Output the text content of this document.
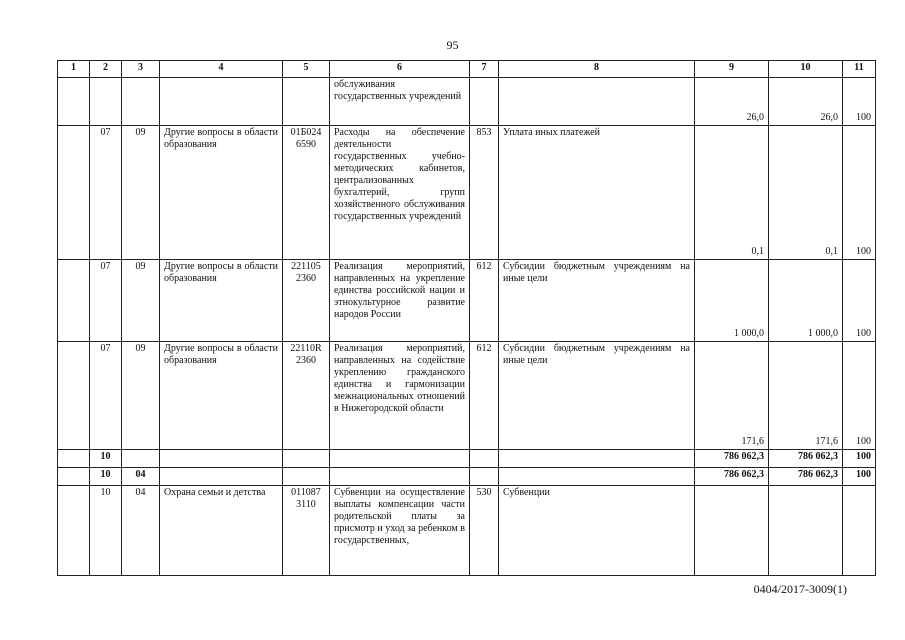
95
1	2	3	4	5	6	7	8	9	10	11
					обслуживания государственных учреждений			26,0	26,0	100
	07	09	Другие вопросы в области образования	01Б024 6590	Расходы на обеспечение деятельности государственных учебно-методических кабинетов, централизованных бухгалтерий, групп хозяйственного обслуживания государственных учреждений	853	Уплата иных платежей	0,1	0,1	100
	07	09	Другие вопросы в области образования	221105 2360	Реализация мероприятий, направленных на укрепление единства российской нации и этнокультурное развитие народов России	612	Субсидии бюджетным учреждениям на иные цели	1 000,0	1 000,0	100
	07	09	Другие вопросы в области образования	22110R 2360	Реализация мероприятий, направленных на содействие укреплению гражданского единства и гармонизации межнациональных отношений в Нижегородской области	612	Субсидии бюджетным учреждениям на иные цели	171,6	171,6	100
	10							786 062,3	786 062,3	100
	10	04						786 062,3	786 062,3	100
	10	04	Охрана семьи и детства	011087 3110	Субвенции на осуществление выплаты компенсации части родительской платы за присмотр и уход за ребенком в государственных,	530	Субвенции			
0404/2017-3009(1)
